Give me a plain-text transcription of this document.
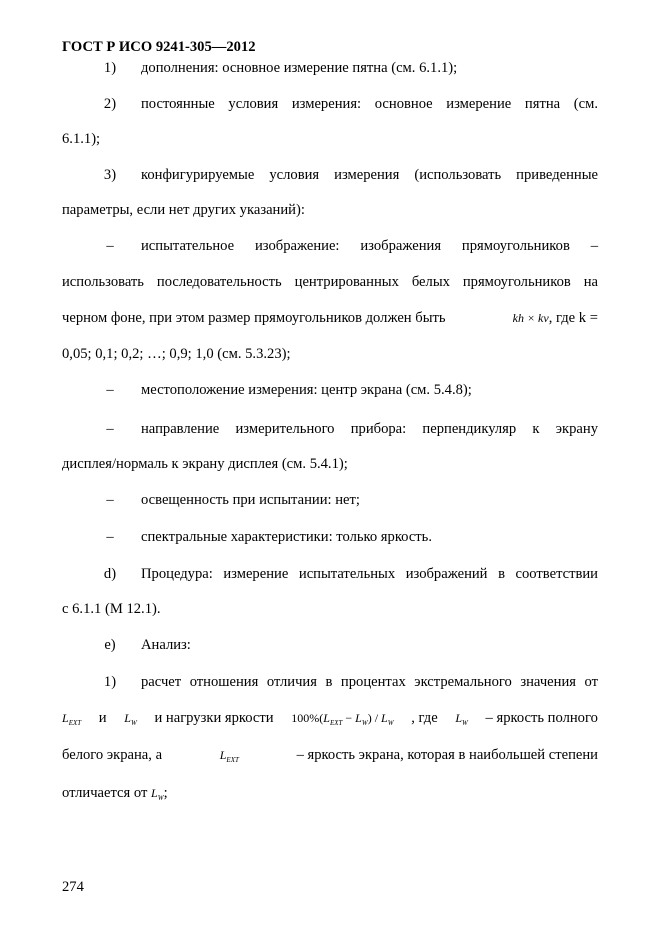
ГОСТ Р ИСО 9241-305—2012
1) дополнения: основное измерение пятна (см. 6.1.1);
2) постоянные условия измерения: основное измерение пятна (см.
6.1.1);
3) конфигурируемые условия измерения (использовать приведенные
параметры, если нет других указаний):
–	испытательное изображение: изображения прямоугольников –
использовать последовательность центрированных белых прямоугольников на
черном фоне, при этом размер прямоугольников должен быть	kh × kv, где k =
0,05; 0,1; 0,2; …; 0,9; 1,0 (см. 5.3.23);
–	местоположение измерения: центр экрана (см. 5.4.8);
–	направление измерительного прибора: перпендикуляр к экрану
дисплея/нормаль к экрану дисплея (см. 5.4.1);
–	освещенность при испытании: нет;
–	спектральные характеристики: только яркость.
d) Процедура: измерение испытательных изображений в соответствии
с 6.1.1 (М 12.1).
e) Анализ:
1) расчет отношения отличия в процентах экстремального значения от
$L_{EXT}$ и $L_W$ и нагрузки яркости $100\%(L_{EXT} - L_W) / L_W$ , где $L_W$ – яркость полного
белого экрана, а	$L_{EXT}$	– яркость экрана, которая в наибольшей степени
отличается от $L_W$;
274
